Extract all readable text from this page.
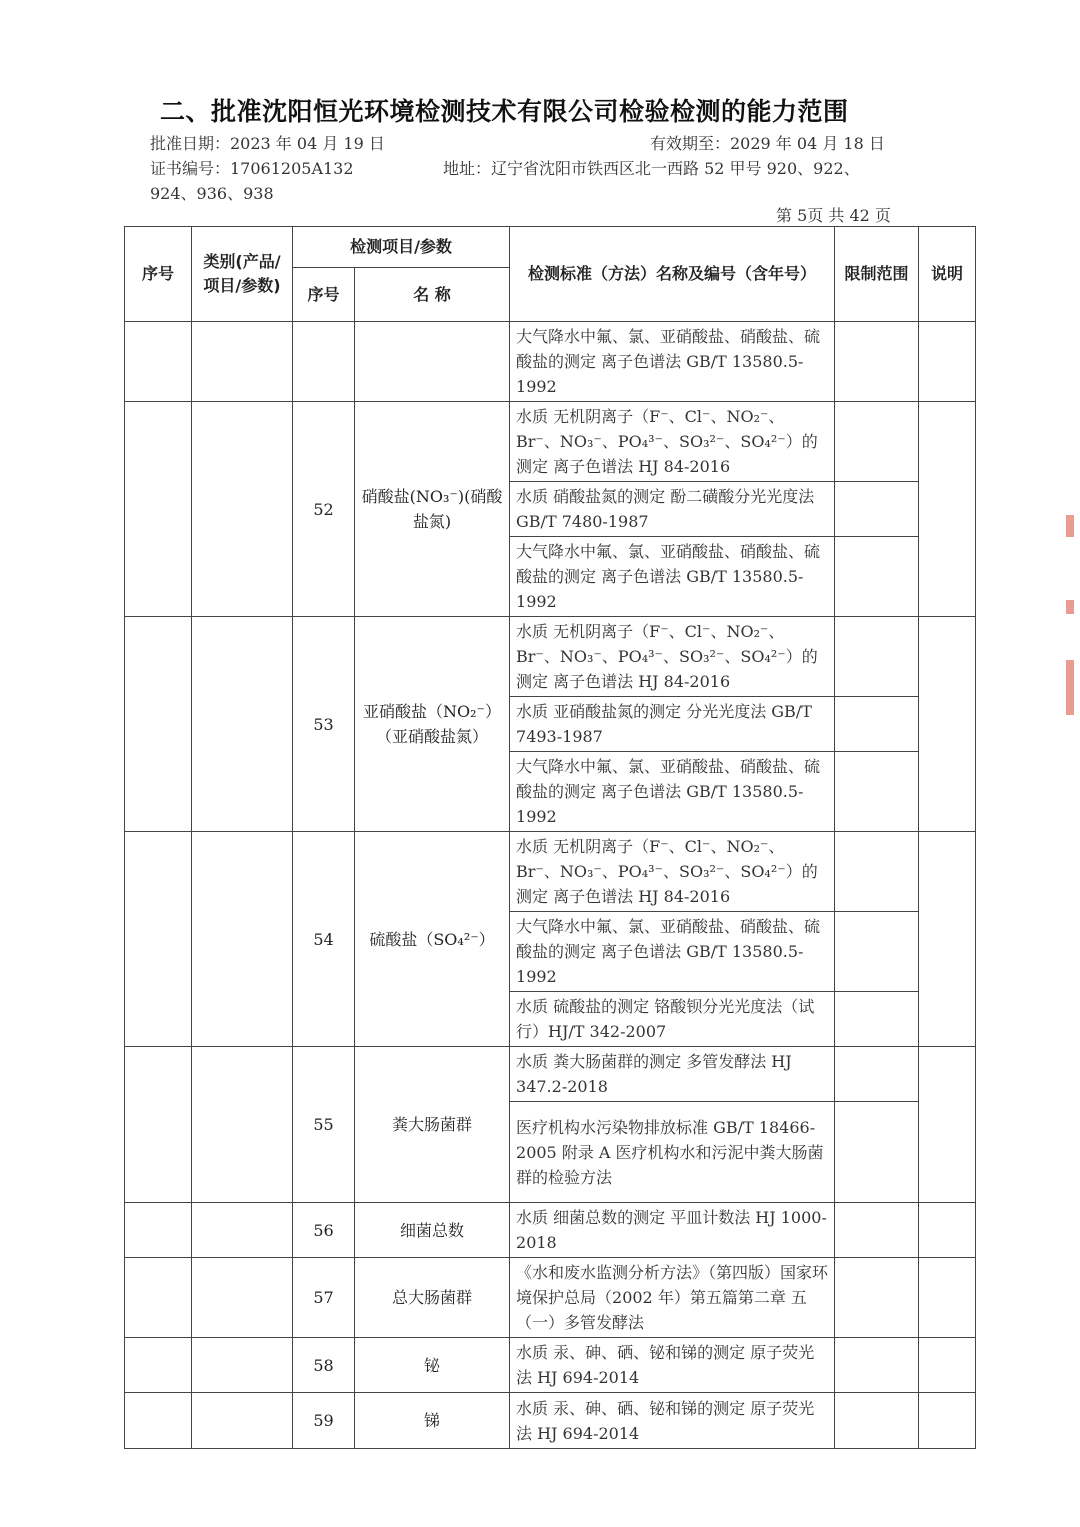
二、批准沈阳恒光环境检测技术有限公司检验检测的能力范围
批准日期：2023 年 04 月 19 日	有效期至：2029 年 04 月 18 日
证书编号：17061205A132	地址：辽宁省沈阳市铁西区北一西路 52 甲号 920、922、
924、936、938
第 5页 共 42 页
序号	类别(产品/项目/参数)	检测项目/参数		检测标准（方法）名称及编号（含年号）	限制范围	说明
		序号	名 称			
				大气降水中氟、氯、亚硝酸盐、硝酸盐、硫酸盐的测定 离子色谱法 GB/T 13580.5-1992		
		52	硝酸盐(NO₃⁻)(硝酸盐氮)	水质 无机阴离子（F⁻、Cl⁻、NO₂⁻、Br⁻、NO₃⁻、PO₄³⁻、SO₃²⁻、SO₄²⁻）的测定 离子色谱法 HJ 84-2016		
				水质 硝酸盐氮的测定 酚二磺酸分光光度法 GB/T 7480-1987		
				大气降水中氟、氯、亚硝酸盐、硝酸盐、硫酸盐的测定 离子色谱法 GB/T 13580.5-1992		
		53	亚硝酸盐（NO₂⁻）（亚硝酸盐氮）	水质 无机阴离子（F⁻、Cl⁻、NO₂⁻、Br⁻、NO₃⁻、PO₄³⁻、SO₃²⁻、SO₄²⁻）的测定 离子色谱法 HJ 84-2016		
				水质 亚硝酸盐氮的测定 分光光度法 GB/T 7493-1987		
				大气降水中氟、氯、亚硝酸盐、硝酸盐、硫酸盐的测定 离子色谱法 GB/T 13580.5-1992		
		54	硫酸盐（SO₄²⁻）	水质 无机阴离子（F⁻、Cl⁻、NO₂⁻、Br⁻、NO₃⁻、PO₄³⁻、SO₃²⁻、SO₄²⁻）的测定 离子色谱法 HJ 84-2016		
				大气降水中氟、氯、亚硝酸盐、硝酸盐、硫酸盐的测定 离子色谱法 GB/T 13580.5-1992		
				水质 硫酸盐的测定 铬酸钡分光光度法（试行）HJ/T 342-2007		
		55	粪大肠菌群	水质 粪大肠菌群的测定 多管发酵法 HJ 347.2-2018		
				医疗机构水污染物排放标准 GB/T 18466-2005 附录 A 医疗机构水和污泥中粪大肠菌群的检验方法		
		56	细菌总数	水质 细菌总数的测定 平皿计数法 HJ 1000-2018		
		57	总大肠菌群	《水和废水监测分析方法》（第四版）国家环境保护总局（2002 年）第五篇第二章 五（一）多管发酵法		
		58	铋	水质 汞、砷、硒、铋和锑的测定 原子荧光法 HJ 694-2014		
		59	锑	水质 汞、砷、硒、铋和锑的测定 原子荧光法 HJ 694-2014		
